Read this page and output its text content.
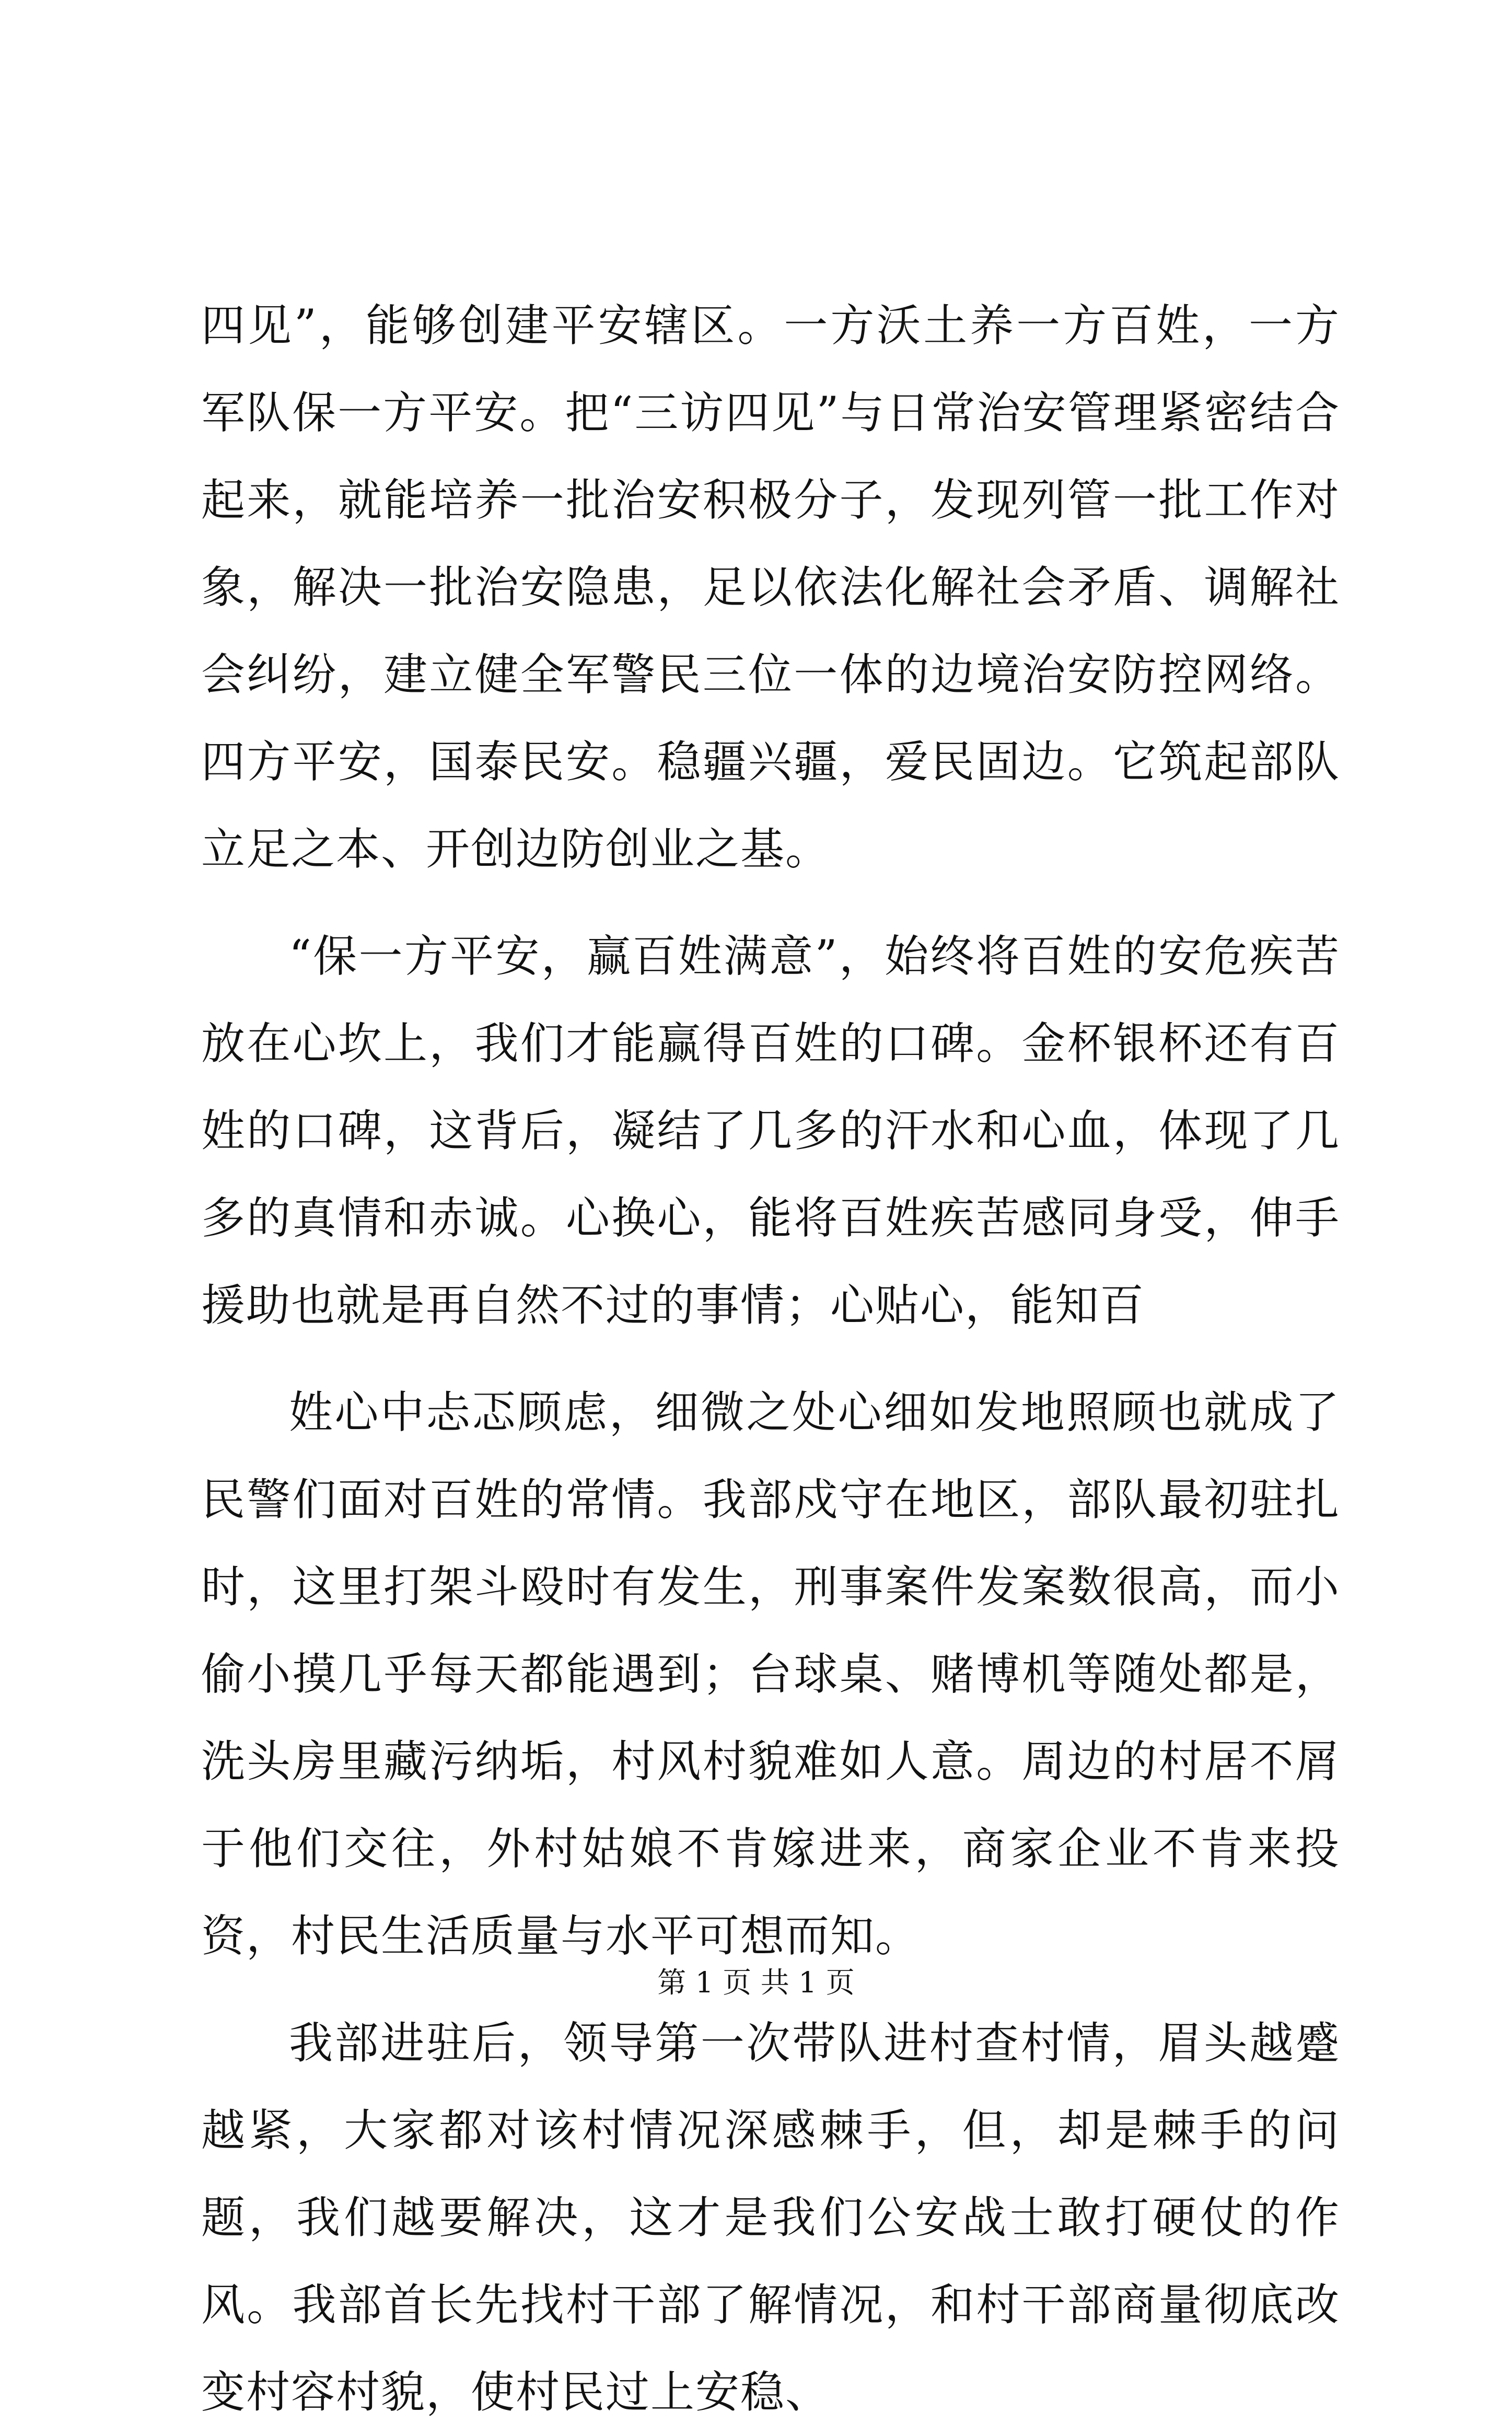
四见”，能够创建平安辖区。一方沃土养一方百姓，一方军队保一方平安。把“三访四见”与日常治安管理紧密结合起来，就能培养一批治安积极分子，发现列管一批工作对象，解决一批治安隐患，足以依法化解社会矛盾、调解社会纠纷，建立健全军警民三位一体的边境治安防控网络。四方平安，国泰民安。稳疆兴疆，爱民固边。它筑起部队立足之本、开创边防创业之基。

“保一方平安，赢百姓满意”，始终将百姓的安危疾苦放在心坎上，我们才能赢得百姓的口碑。金杯银杯还有百姓的口碑，这背后，凝结了几多的汗水和心血，体现了几多的真情和赤诚。心换心，能将百姓疾苦感同身受，伸手援助也就是再自然不过的事情；心贴心，能知百

姓心中忐忑顾虑，细微之处心细如发地照顾也就成了民警们面对百姓的常情。我部戍守在地区，部队最初驻扎时，这里打架斗殴时有发生，刑事案件发案数很高，而小偷小摸几乎每天都能遇到；台球桌、赌博机等随处都是，洗头房里藏污纳垢，村风村貌难如人意。周边的村居不屑于他们交往，外村姑娘不肯嫁进来，商家企业不肯来投资，村民生活质量与水平可想而知。

我部进驻后，领导第一次带队进村查村情，眉头越蹙越紧，大家都对该村情况深感棘手，但，却是棘手的问题，我们越要解决，这才是我们公安战士敢打硬仗的作风。我部首长先找村干部了解情况，和村干部商量彻底改变村容村貌，使村民过上安稳、

第 1 页 共 1 页
